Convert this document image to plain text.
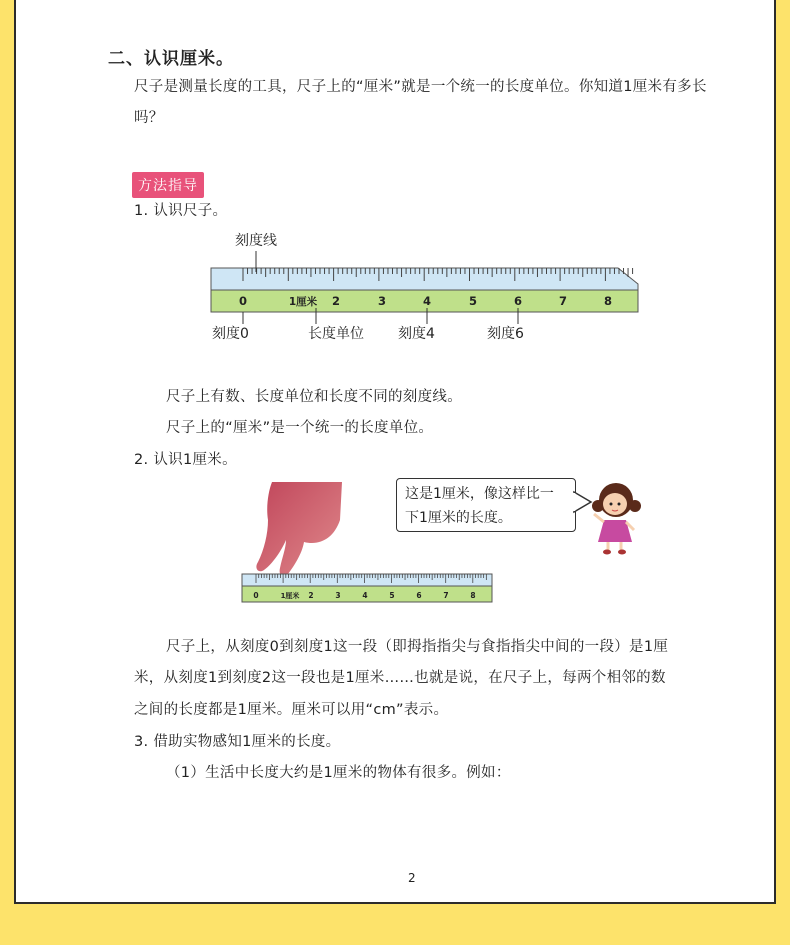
二、认识厘米。
尺子是测量长度的工具，尺子上的“厘米”就是一个统一的长度单位。你知道1厘米有多长吗？
方法指导
1. 认识尺子。
刻度线
0	1厘米 2	3	4	5	6	7	8
刻度0	长度单位 刻度4	刻度6
尺子上有数、长度单位和长度不同的刻度线。
尺子上的“厘米”是一个统一的长度单位。
2. 认识1厘米。
0	1厘米 2	3	4	5	6	7	8
这是1厘米，像这样比一下1厘米的长度。
尺子上，从刻度0到刻度1这一段（即拇指指尖与食指指尖中间的一段）是1厘
米，从刻度1到刻度2这一段也是1厘米……也就是说，在尺子上，每两个相邻的数
之间的长度都是1厘米。厘米可以用“cm”表示。
3. 借助实物感知1厘米的长度。
（1）生活中长度大约是1厘米的物体有很多。例如：
2
